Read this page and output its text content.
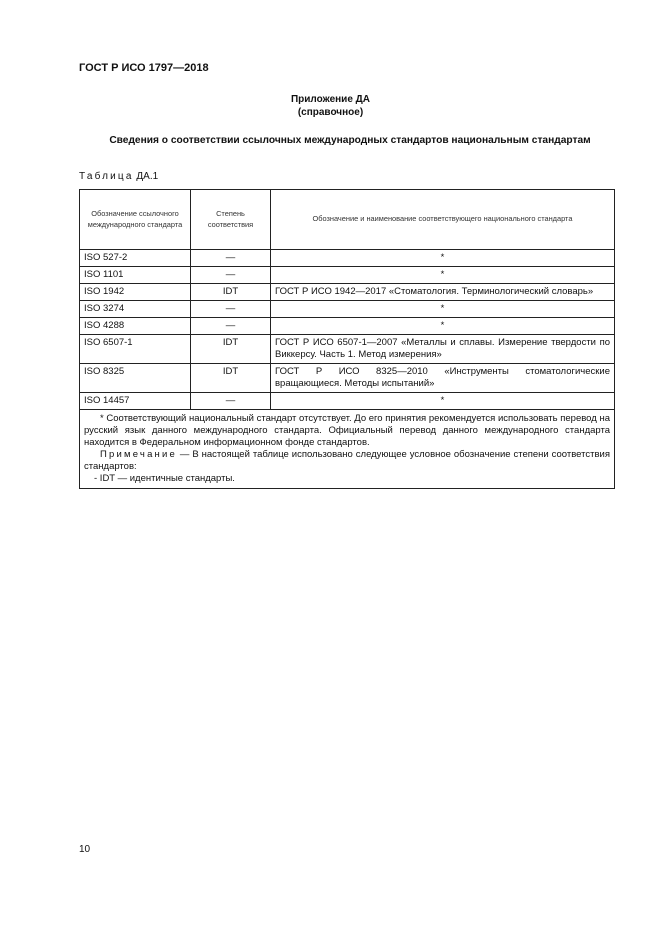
ГОСТ Р ИСО 1797—2018
Приложение ДА
(справочное)
Сведения о соответствии ссылочных международных стандартов национальным стандартам
Таблица ДА.1
Обозначение ссылочного международного стандарта	Степень соответствия	Обозначение и наименование соответствующего национального стандарта
ISO 527-2	—	*
ISO 1101	—	*
ISO 1942	IDT	ГОСТ Р ИСО 1942—2017 «Стоматология. Терминологический словарь»
ISO 3274	—	*
ISO 4288	—	*
ISO 6507-1	IDT	ГОСТ Р ИСО 6507-1—2007 «Металлы и сплавы. Измерение твердости по Виккерсу. Часть 1. Метод измерения»
ISO 8325	IDT	ГОСТ Р ИСО 8325—2010 «Инструменты стоматологические вращающиеся. Методы испытаний»
ISO 14457	—	*

* Соответствующий национальный стандарт отсутствует. До его принятия рекомендуется использовать перевод на русский язык данного международного стандарта. Официальный перевод данного международного стандарта находится в Федеральном информационном фонде стандартов.

Примечание — В настоящей таблице использовано следующее условное обозначение степени соответствия стандартов:

- IDT — идентичные стандарты.		

10
